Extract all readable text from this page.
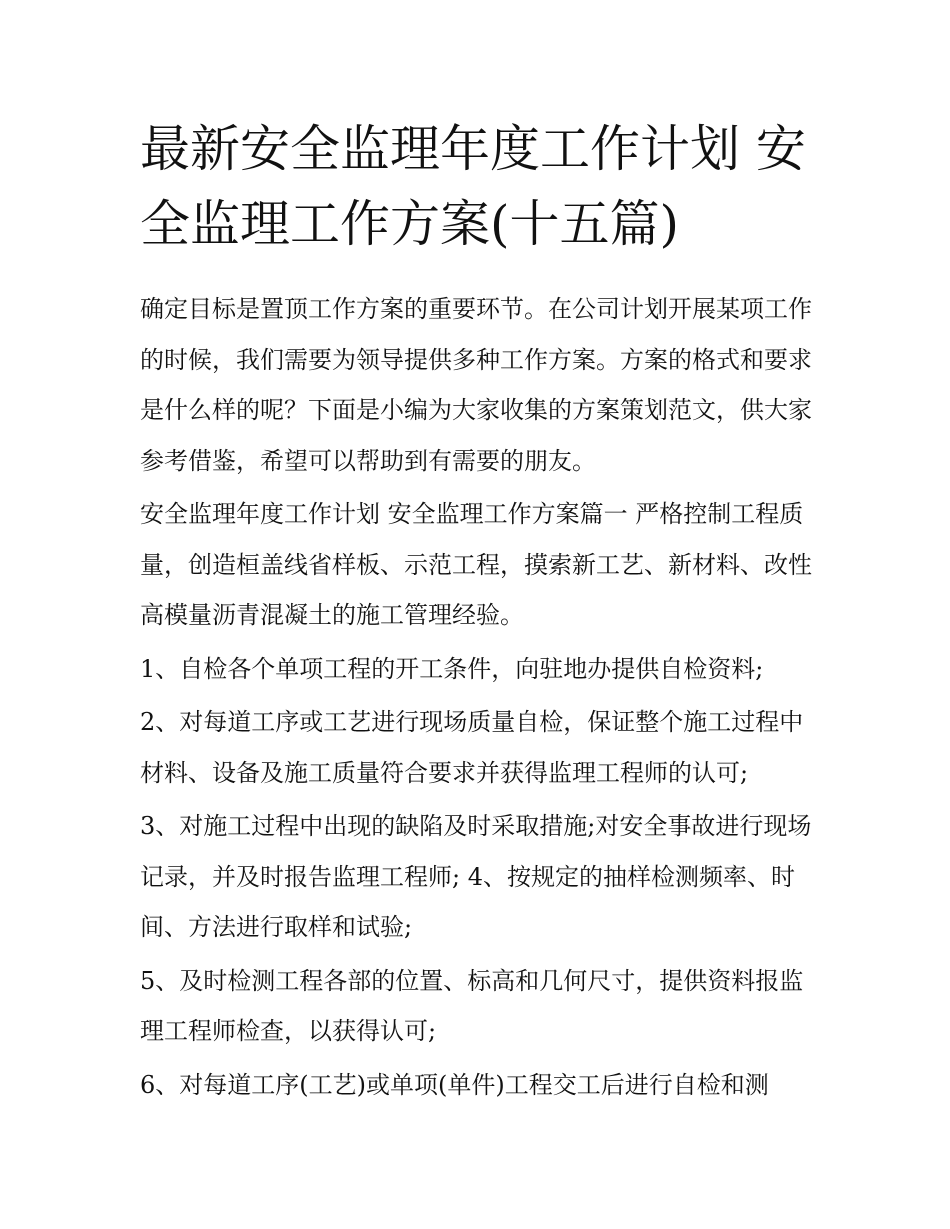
最新安全监理年度工作计划 安全监理工作方案(十五篇)

确定目标是置顶工作方案的重要环节。在公司计划开展某项工作的时候，我们需要为领导提供多种工作方案。方案的格式和要求是什么样的呢？下面是小编为大家收集的方案策划范文，供大家参考借鉴，希望可以帮助到有需要的朋友。

安全监理年度工作计划 安全监理工作方案篇一 严格控制工程质量，创造桓盖线省样板、示范工程，摸索新工艺、新材料、改性高模量沥青混凝土的施工管理经验。

1、自检各个单项工程的开工条件，向驻地办提供自检资料;

2、对每道工序或工艺进行现场质量自检，保证整个施工过程中材料、设备及施工质量符合要求并获得监理工程师的认可;

3、对施工过程中出现的缺陷及时采取措施;对安全事故进行现场记录，并及时报告监理工程师; 4、按规定的抽样检测频率、时间、方法进行取样和试验;

5、及时检测工程各部的位置、标高和几何尺寸，提供资料报监理工程师检查，以获得认可;

6、对每道工序(工艺)或单项(单件)工程交工后进行自检和测
